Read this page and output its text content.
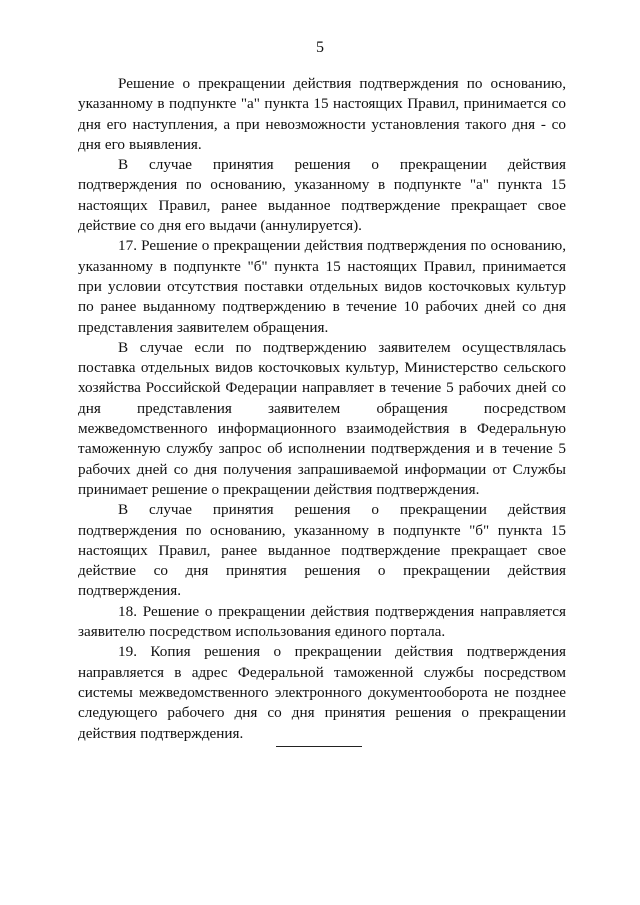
5

Решение о прекращении действия подтверждения по основанию, указанному в подпункте "а" пункта 15 настоящих Правил, принимается со дня его наступления, а при невозможности установления такого дня - со дня его выявления.

В случае принятия решения о прекращении действия подтверждения по основанию, указанному в подпункте "а" пункта 15 настоящих Правил, ранее выданное подтверждение прекращает свое действие со дня его выдачи (аннулируется).

17. Решение о прекращении действия подтверждения по основанию, указанному в подпункте "б" пункта 15 настоящих Правил, принимается при условии отсутствия поставки отдельных видов косточковых культур по ранее выданному подтверждению в течение 10 рабочих дней со дня представления заявителем обращения.

В случае если по подтверждению заявителем осуществлялась поставка отдельных видов косточковых культур, Министерство сельского хозяйства Российской Федерации направляет в течение 5 рабочих дней со дня представления заявителем обращения посредством межведомственного информационного взаимодействия в Федеральную таможенную службу запрос об исполнении подтверждения и в течение 5 рабочих дней со дня получения запрашиваемой информации от Службы принимает решение о прекращении действия подтверждения.

В случае принятия решения о прекращении действия подтверждения по основанию, указанному в подпункте "б" пункта 15 настоящих Правил, ранее выданное подтверждение прекращает свое действие со дня принятия решения о прекращении действия подтверждения.

18. Решение о прекращении действия подтверждения направляется заявителю посредством использования единого портала.

19. Копия решения о прекращении действия подтверждения направляется в адрес Федеральной таможенной службы посредством системы межведомственного электронного документооборота не позднее следующего рабочего дня со дня принятия решения о прекращении действия подтверждения.
